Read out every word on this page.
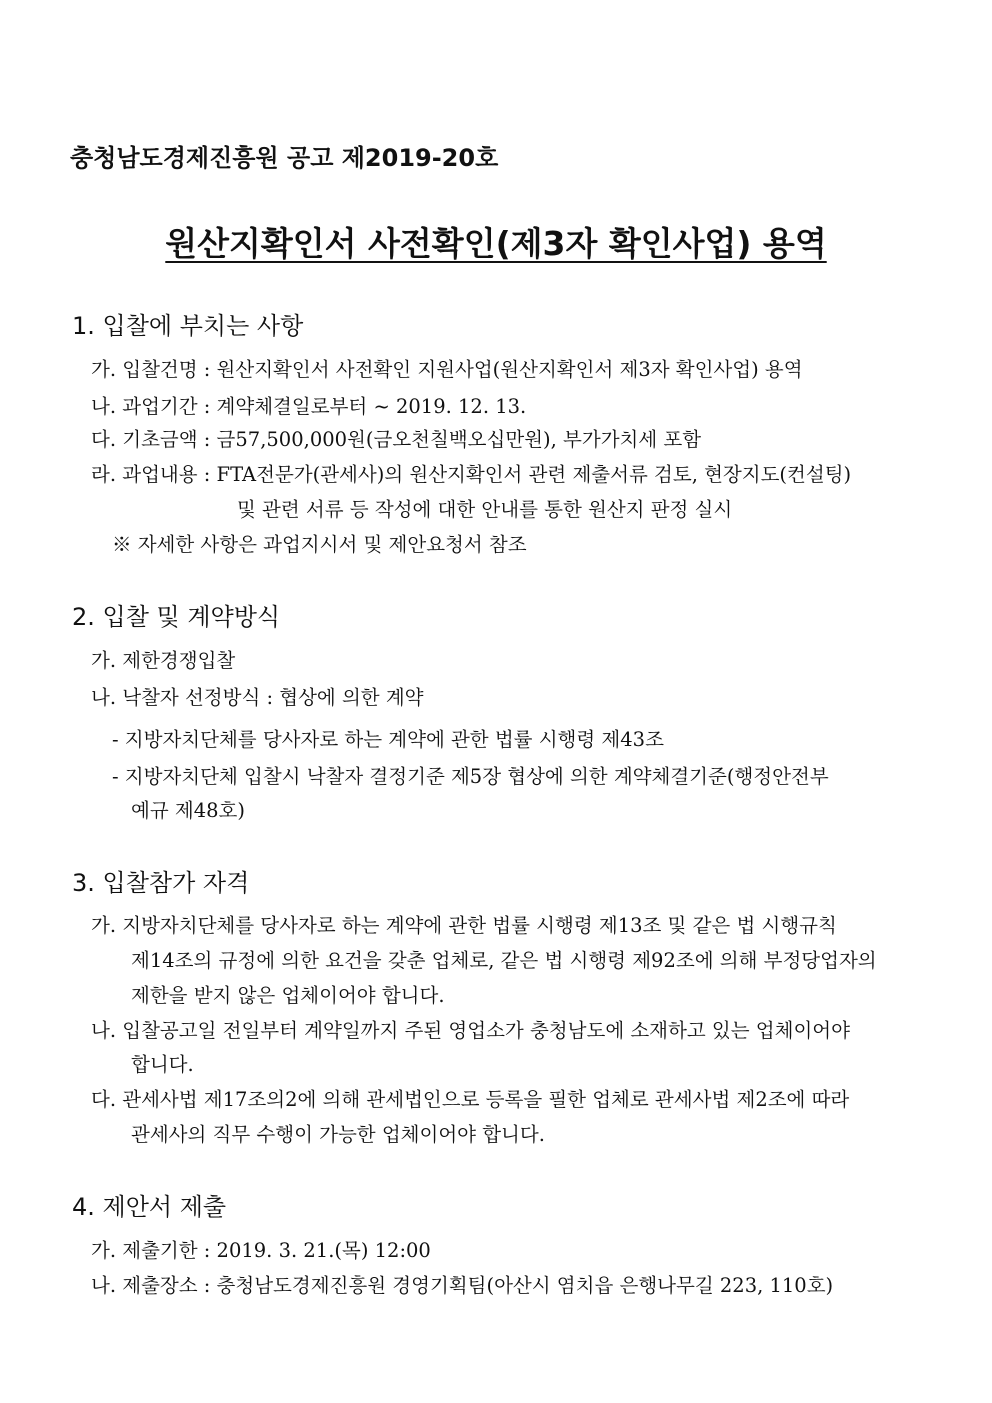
충청남도경제진흥원 공고 제2019-20호
원산지확인서 사전확인(제3자 확인사업) 용역
1. 입찰에 부치는 사항
가. 입찰건명 : 원산지확인서 사전확인 지원사업(원산지확인서 제3자 확인사업) 용역
나. 과업기간 : 계약체결일로부터 ~ 2019. 12. 13.
다. 기초금액 : 금57,500,000원(금오천칠백오십만원), 부가가치세 포함
라. 과업내용 : FTA전문가(관세사)의 원산지확인서 관련 제출서류 검토, 현장지도(컨설팅)
및 관련 서류 등 작성에 대한 안내를 통한 원산지 판정 실시
※ 자세한 사항은 과업지시서 및 제안요청서 참조
2. 입찰 및 계약방식
가. 제한경쟁입찰
나. 낙찰자 선정방식 : 협상에 의한 계약
- 지방자치단체를 당사자로 하는 계약에 관한 법률 시행령 제43조
- 지방자치단체 입찰시 낙찰자 결정기준 제5장 협상에 의한 계약체결기준(행정안전부
예규 제48호)
3. 입찰참가 자격
가. 지방자치단체를 당사자로 하는 계약에 관한 법률 시행령 제13조 및 같은 법 시행규칙
제14조의 규정에 의한 요건을 갖춘 업체로, 같은 법 시행령 제92조에 의해 부정당업자의
제한을 받지 않은 업체이어야 합니다.
나. 입찰공고일 전일부터 계약일까지 주된 영업소가 충청남도에 소재하고 있는 업체이어야
합니다.
다. 관세사법 제17조의2에 의해 관세법인으로 등록을 필한 업체로 관세사법 제2조에 따라
관세사의 직무 수행이 가능한 업체이어야 합니다.
4. 제안서 제출
가. 제출기한 : 2019. 3. 21.(목) 12:00
나. 제출장소 : 충청남도경제진흥원 경영기획팀(아산시 염치읍 은행나무길 223, 110호)
